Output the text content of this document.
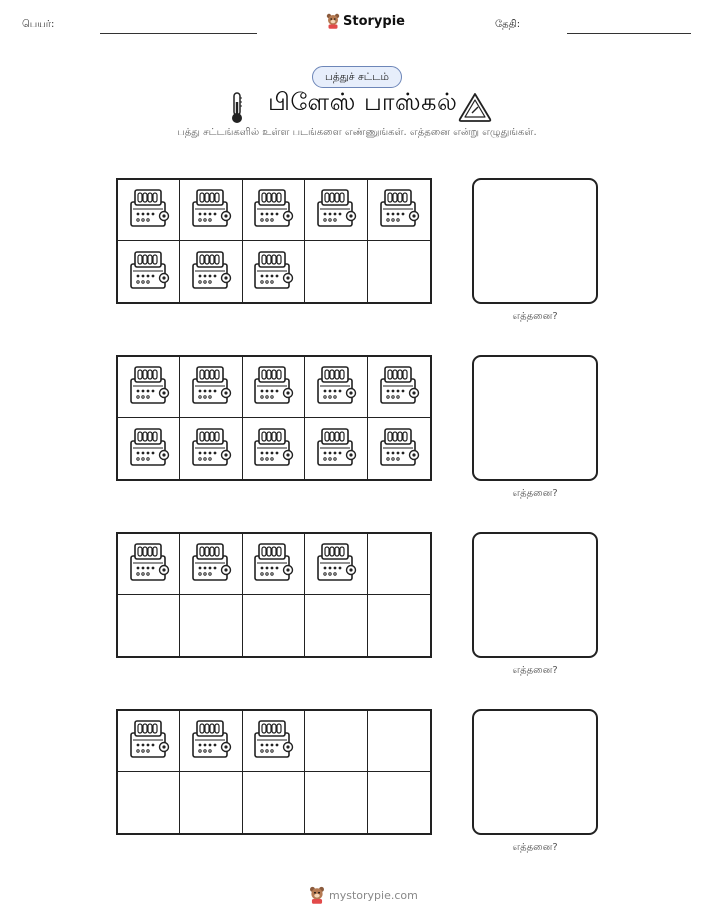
பெயர்:	Storypie	தேதி:
பத்துச் சட்டம்
பிளேஸ் பாஸ்கல்
பத்து சட்டங்களில் உள்ள படங்களை எண்ணுங்கள். எத்தனை என்று எழுதுங்கள்.
எத்தனை?
எத்தனை?
எத்தனை?
எத்தனை?
mystorypie.com
